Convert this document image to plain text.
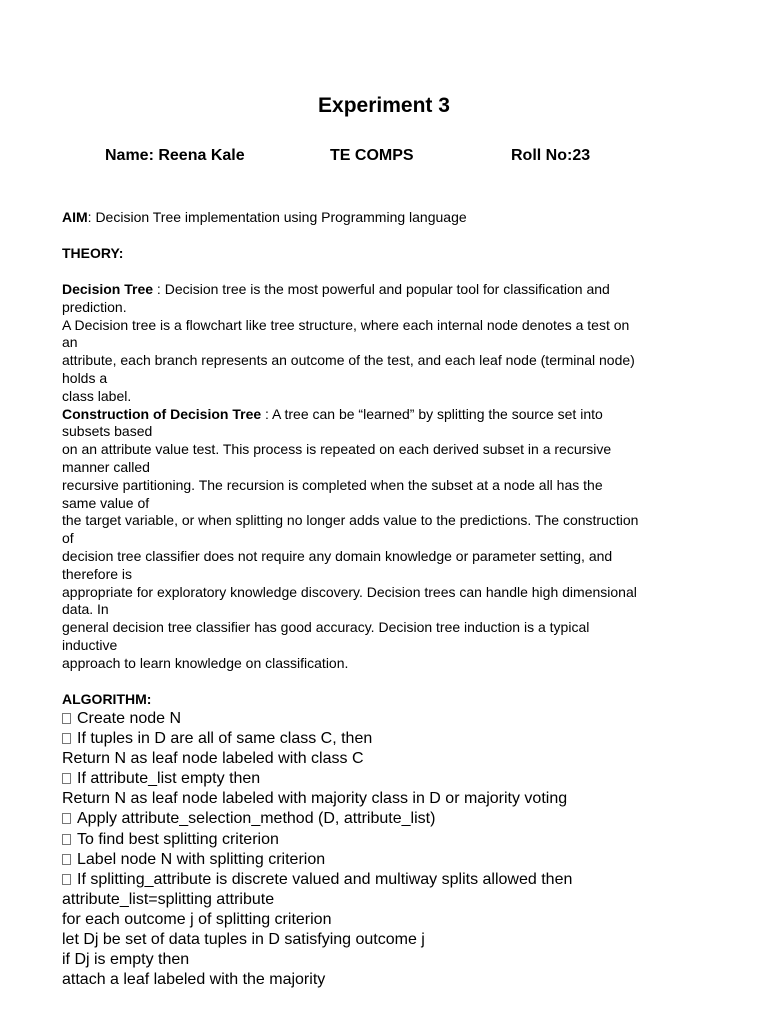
Experiment 3
Name: Reena Kale	TE COMPS	Roll No:23
AIM: Decision Tree implementation using Programming language
THEORY:
Decision Tree : Decision tree is the most powerful and popular tool for classification and
prediction.
A Decision tree is a flowchart like tree structure, where each internal node denotes a test on
an
attribute, each branch represents an outcome of the test, and each leaf node (terminal node)
holds a
class label.
Construction of Decision Tree : A tree can be “learned” by splitting the source set into
subsets based
on an attribute value test. This process is repeated on each derived subset in a recursive
manner called
recursive partitioning. The recursion is completed when the subset at a node all has the
same value of
the target variable, or when splitting no longer adds value to the predictions. The construction
of
decision tree classifier does not require any domain knowledge or parameter setting, and
therefore is
appropriate for exploratory knowledge discovery. Decision trees can handle high dimensional
data. In
general decision tree classifier has good accuracy. Decision tree induction is a typical
inductive
approach to learn knowledge on classification.
ALGORITHM:
Create node N
If tuples in D are all of same class C, then
Return N as leaf node labeled with class C
If attribute_list empty then
Return N as leaf node labeled with majority class in D or majority voting
Apply attribute_selection_method (D, attribute_list)
To find best splitting criterion
Label node N with splitting criterion
If splitting_attribute is discrete valued and multiway splits allowed then
attribute_list=splitting attribute
for each outcome j of splitting criterion
let Dj be set of data tuples in D satisfying outcome j
if Dj is empty then
attach a leaf labeled with the majority
